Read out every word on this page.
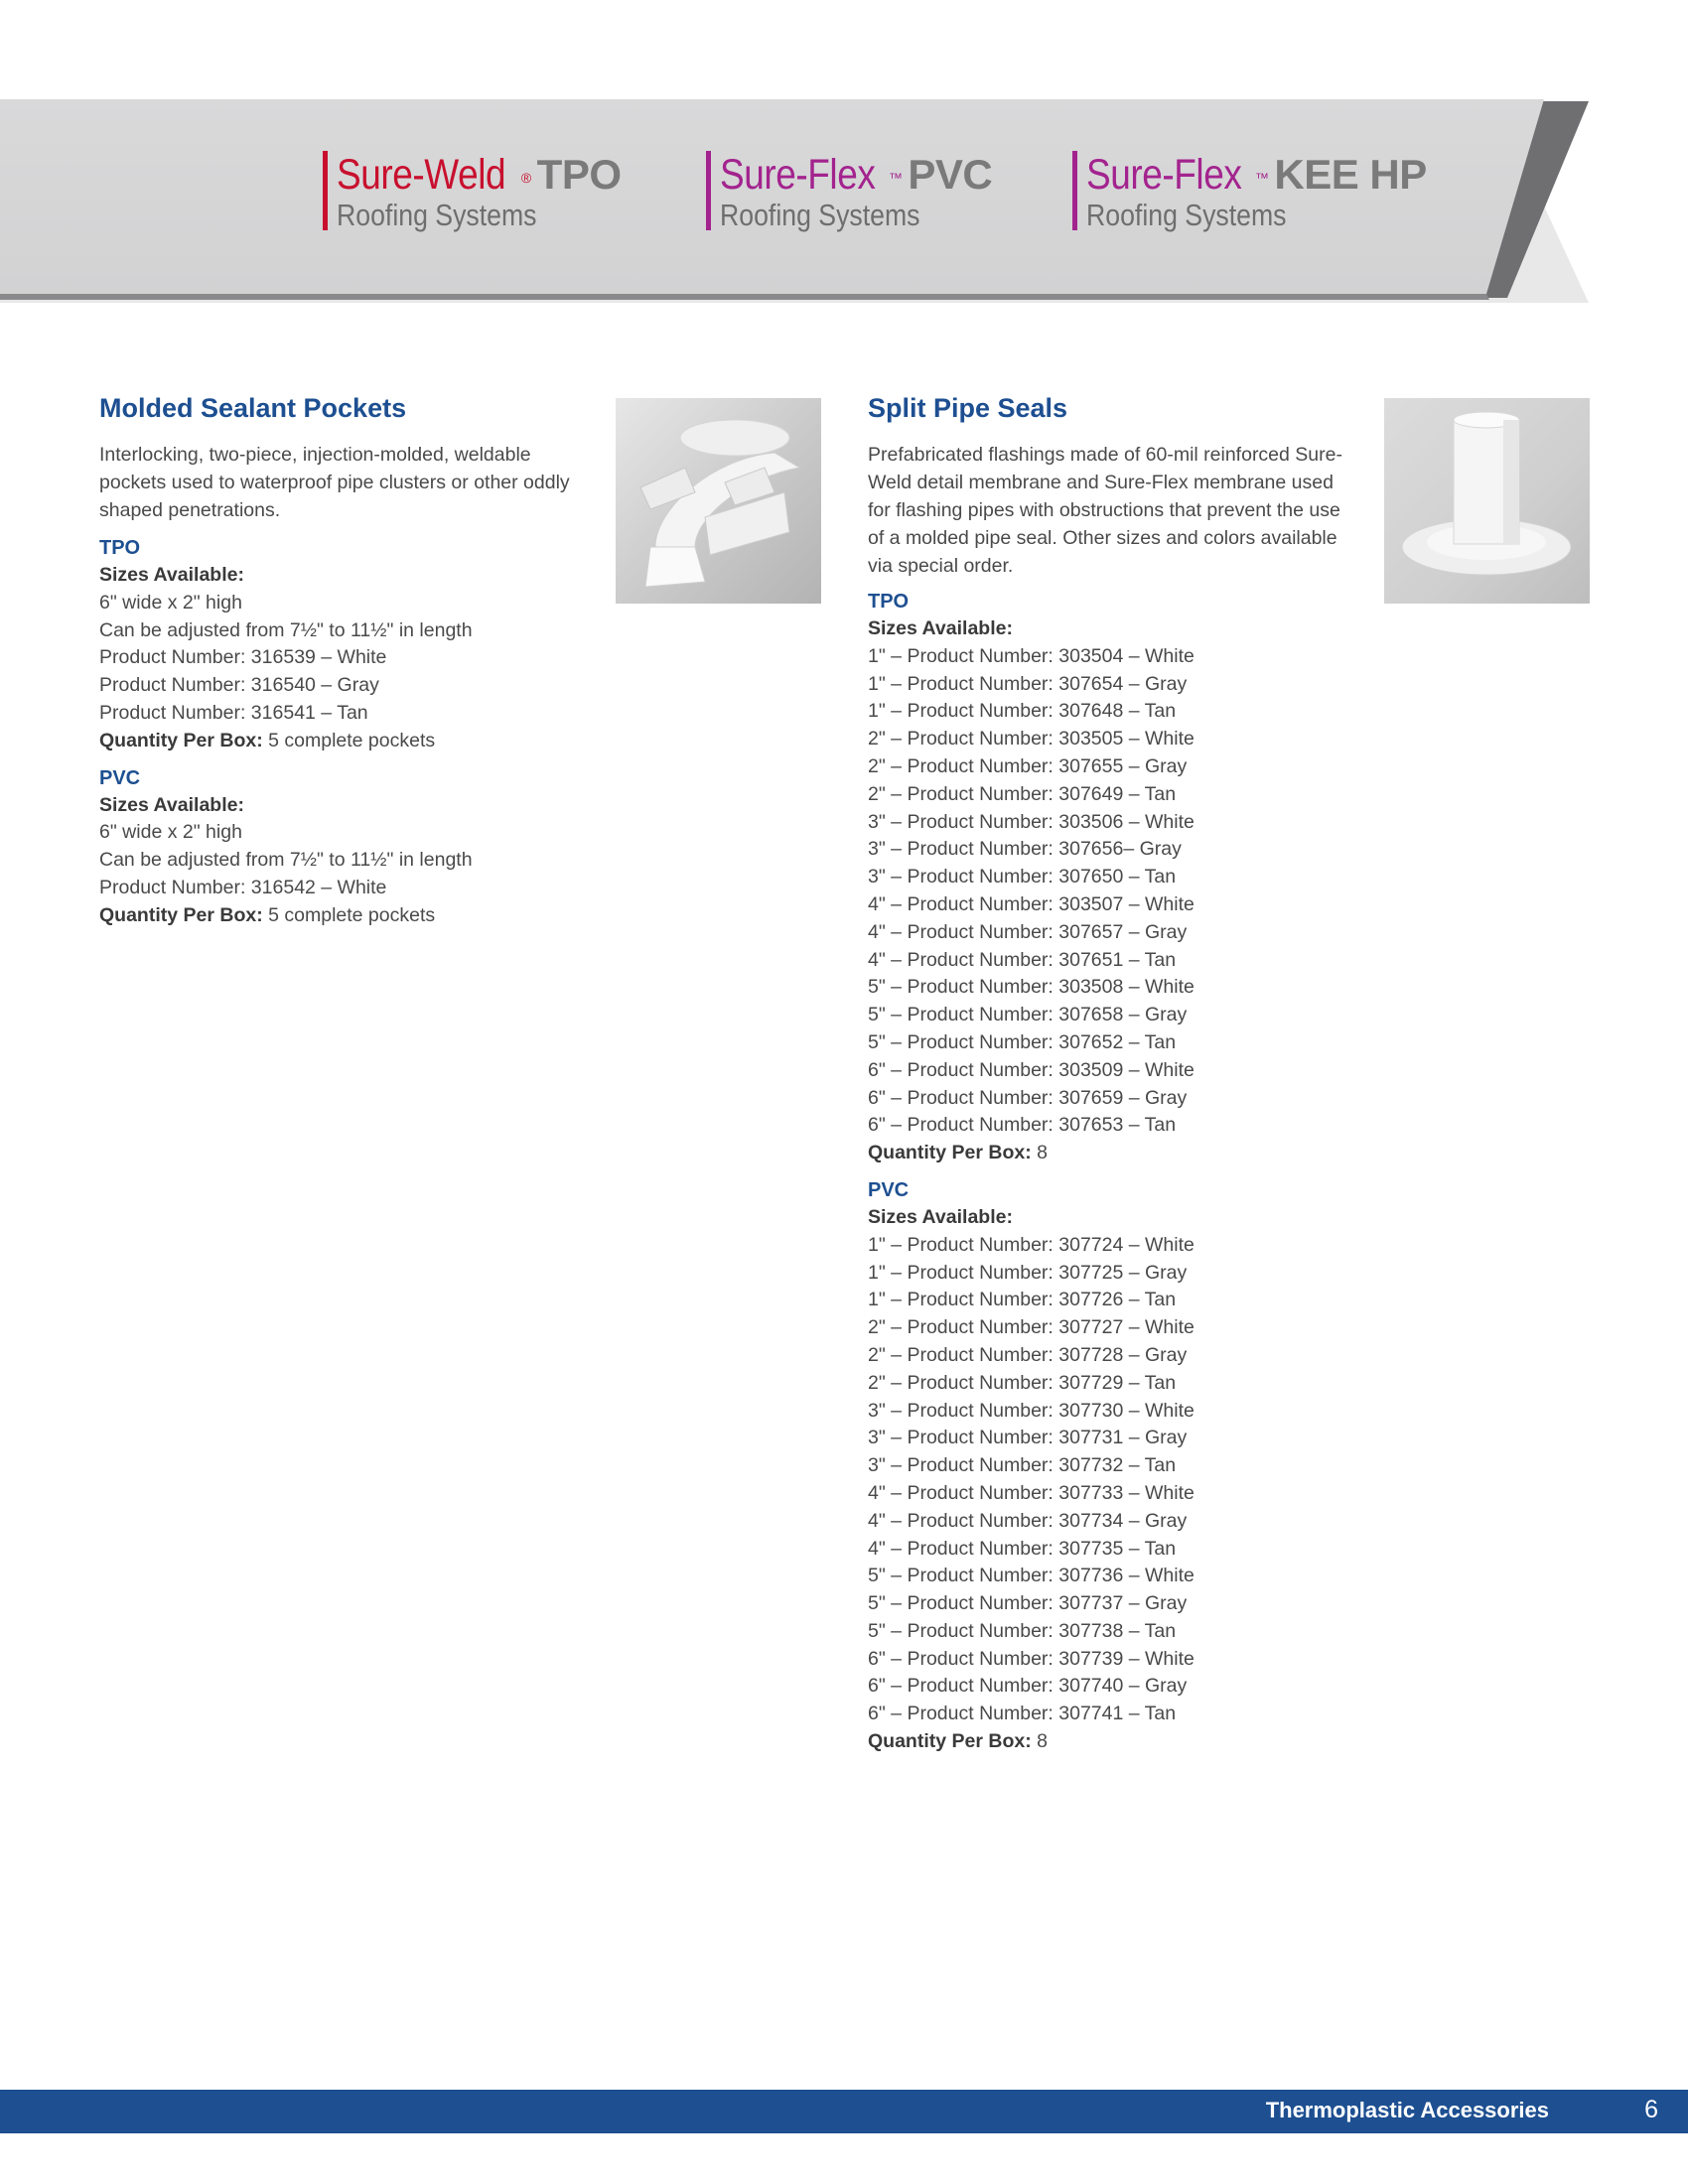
Sure-Weld ® TPO
Roofing Systems
Sure-Flex ™ PVC
Roofing Systems
Sure-Flex ™ KEE HP
Roofing Systems
Molded Sealant Pockets

Interlocking, two-piece, injection-molded, weldable pockets used to waterproof pipe clusters or other oddly shaped penetrations.

TPO
Sizes Available:
6" wide x 2" high
Can be adjusted from 7½" to 11½" in length
Product Number: 316539 – White
Product Number: 316540 – Gray
Product Number: 316541 – Tan
Quantity Per Box: 5 complete pockets
PVC
Sizes Available:
6" wide x 2" high
Can be adjusted from 7½" to 11½" in length
Product Number: 316542 – White
Quantity Per Box: 5 complete pockets
Split Pipe Seals

Prefabricated flashings made of 60-mil reinforced Sure-Weld detail membrane and Sure-Flex membrane used for flashing pipes with obstructions that prevent the use of a molded pipe seal. Other sizes and colors available via special order.

TPO
Sizes Available:
1" – Product Number: 303504 – White
1" – Product Number: 307654 – Gray
1" – Product Number: 307648 – Tan
2" – Product Number: 303505 – White
2" – Product Number: 307655 – Gray
2" – Product Number: 307649 – Tan
3" – Product Number: 303506 – White
3" – Product Number: 307656– Gray
3" – Product Number: 307650 – Tan
4" – Product Number: 303507 – White
4" – Product Number: 307657 – Gray
4" – Product Number: 307651 – Tan
5" – Product Number: 303508 – White
5" – Product Number: 307658 – Gray
5" – Product Number: 307652 – Tan
6" – Product Number: 303509 – White
6" – Product Number: 307659 – Gray
6" – Product Number: 307653 – Tan
Quantity Per Box: 8
PVC
Sizes Available:
1" – Product Number: 307724 – White
1" – Product Number: 307725 – Gray
1" – Product Number: 307726 – Tan
2" – Product Number: 307727 – White
2" – Product Number: 307728 – Gray
2" – Product Number: 307729 – Tan
3" – Product Number: 307730 – White
3" – Product Number: 307731 – Gray
3" – Product Number: 307732 – Tan
4" – Product Number: 307733 – White
4" – Product Number: 307734 – Gray
4" – Product Number: 307735 – Tan
5" – Product Number: 307736 – White
5" – Product Number: 307737 – Gray
5" – Product Number: 307738 – Tan
6" – Product Number: 307739 – White
6" – Product Number: 307740 – Gray
6" – Product Number: 307741 – Tan
Quantity Per Box: 8
Thermoplastic Accessories	6
